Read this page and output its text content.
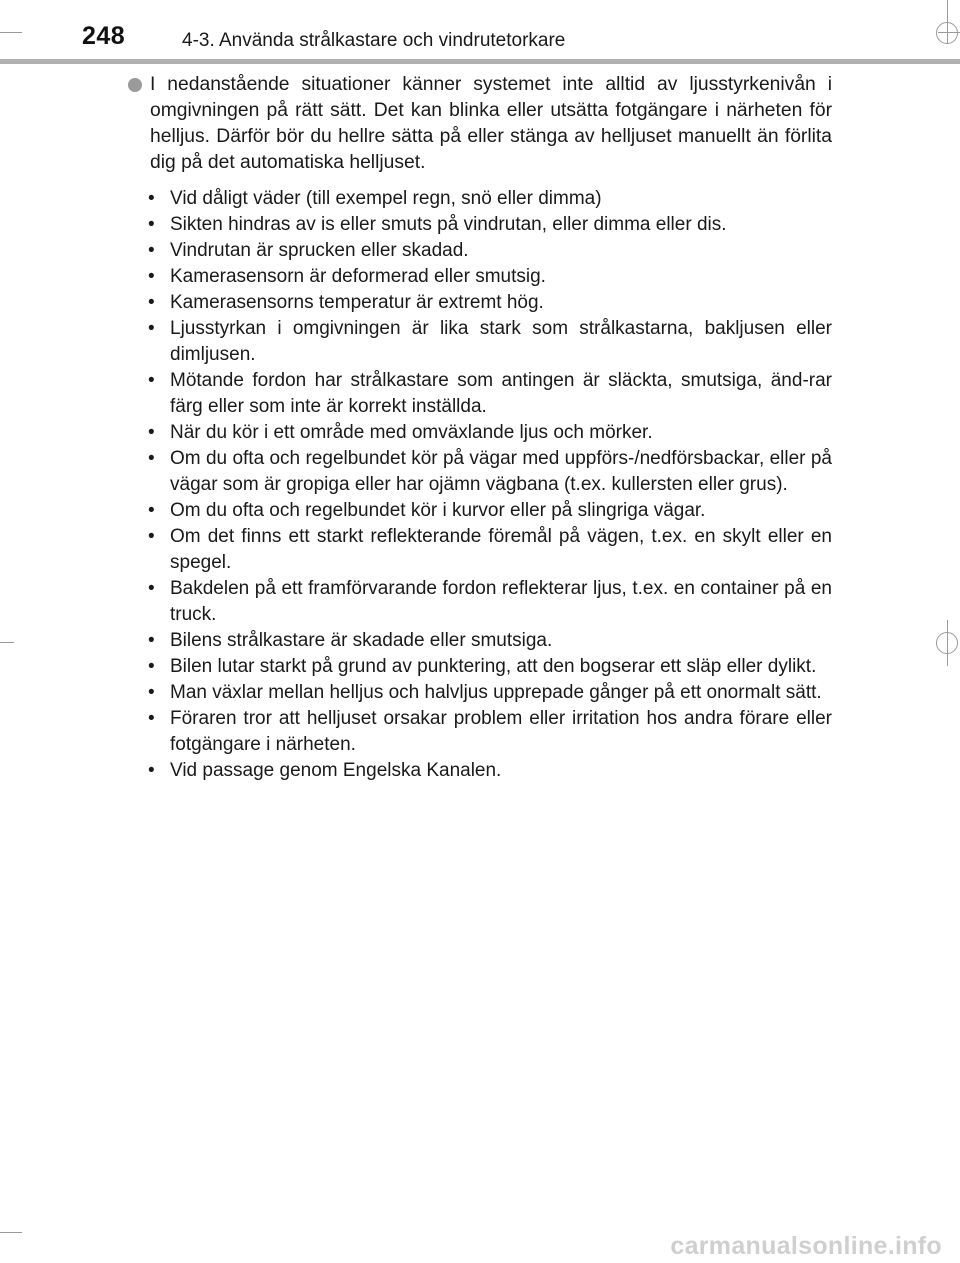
248	4-3. Använda strålkastare och vindrutetorkare

I nedanstående situationer känner systemet inte alltid av ljusstyrkenivån i omgivningen på rätt sätt. Det kan blinka eller utsätta fotgängare i närheten för helljus. Därför bör du hellre sätta på eller stänga av helljuset manuellt än förlita dig på det automatiska helljuset.

• Vid dåligt väder (till exempel regn, snö eller dimma)
• Sikten hindras av is eller smuts på vindrutan, eller dimma eller dis.
• Vindrutan är sprucken eller skadad.
• Kamerasensorn är deformerad eller smutsig.
• Kamerasensorns temperatur är extremt hög.
• Ljusstyrkan i omgivningen är lika stark som strålkastarna, bakljusen eller dimljusen.
• Mötande fordon har strålkastare som antingen är släckta, smutsiga, änd-rar färg eller som inte är korrekt inställda.
• När du kör i ett område med omväxlande ljus och mörker.
• Om du ofta och regelbundet kör på vägar med uppförs-/nedförsbackar, eller på vägar som är gropiga eller har ojämn vägbana (t.ex. kullersten eller grus).
• Om du ofta och regelbundet kör i kurvor eller på slingriga vägar.
• Om det finns ett starkt reflekterande föremål på vägen, t.ex. en skylt eller en spegel.
• Bakdelen på ett framförvarande fordon reflekterar ljus, t.ex. en container på en truck.
• Bilens strålkastare är skadade eller smutsiga.
• Bilen lutar starkt på grund av punktering, att den bogserar ett släp eller dylikt.
• Man växlar mellan helljus och halvljus upprepade gånger på ett onormalt sätt.
• Föraren tror att helljuset orsakar problem eller irritation hos andra förare eller fotgängare i närheten.
• Vid passage genom Engelska Kanalen.
carmanualsonline.info
